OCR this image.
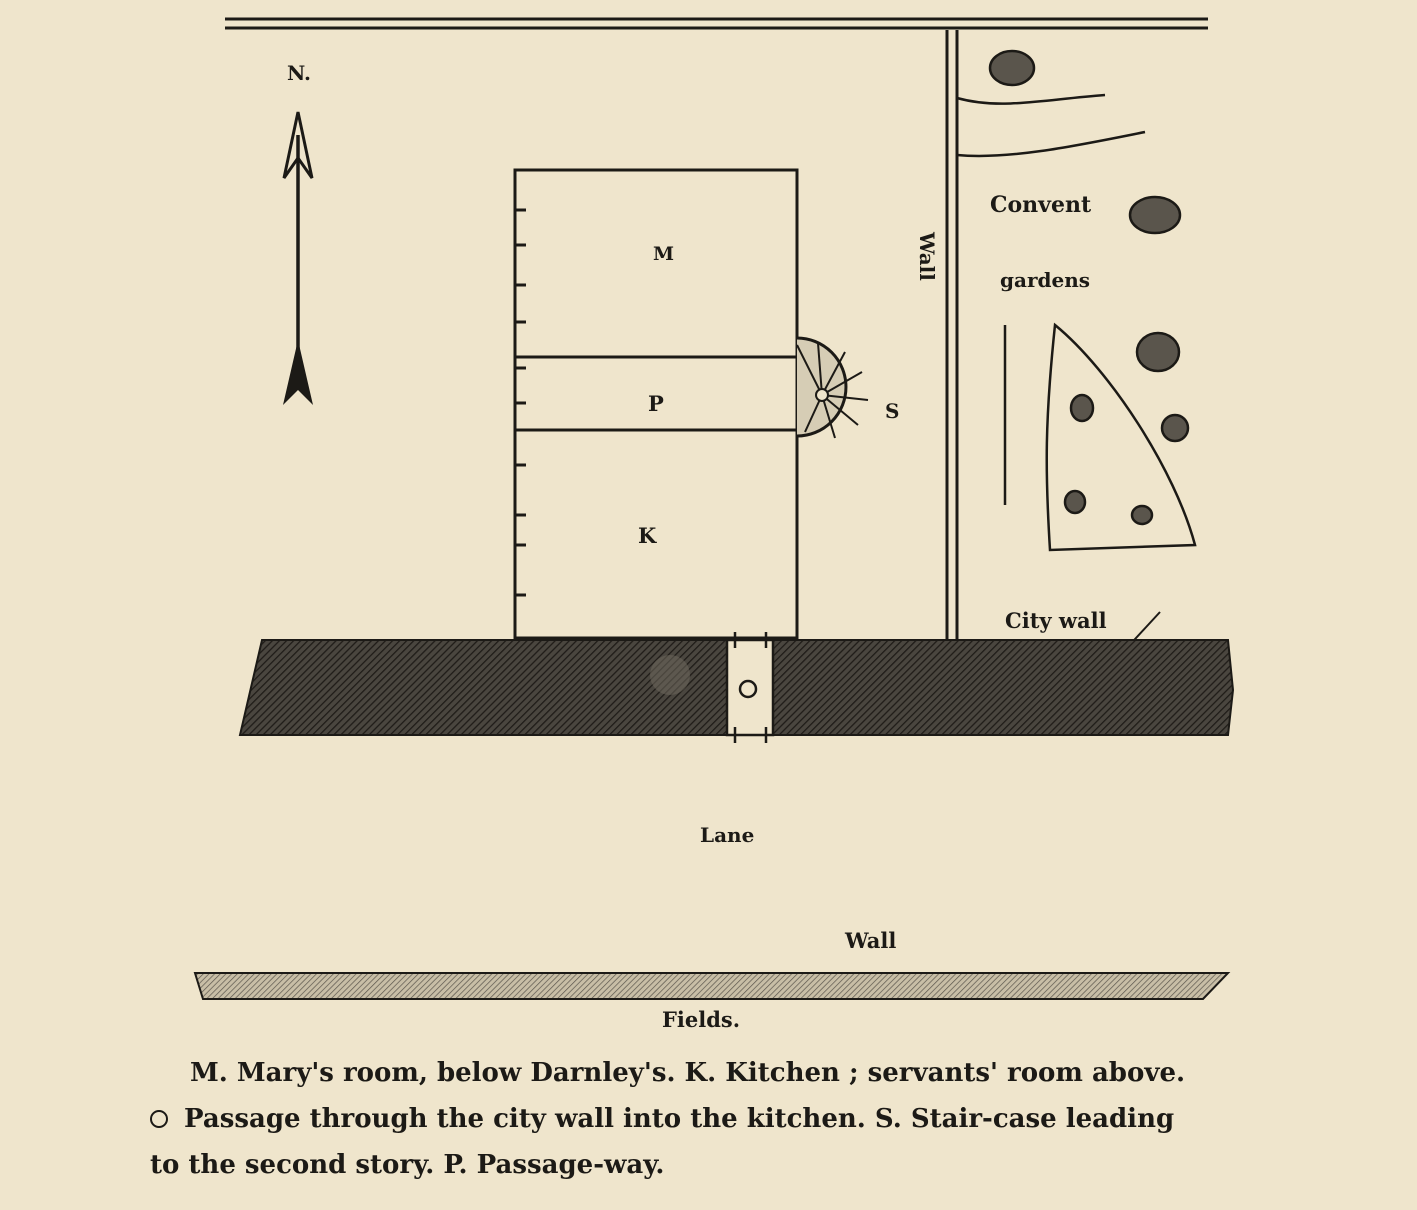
N.
M
P
K
S
Wall
Convent
gardens
City wall
Lane
Wall
Fields.

M. Mary's room, below Darnley's. K. Kitchen ; servants' room above.

Passage through the city wall into the kitchen. S. Stair-case leading

to the second story. P. Passage-way.
